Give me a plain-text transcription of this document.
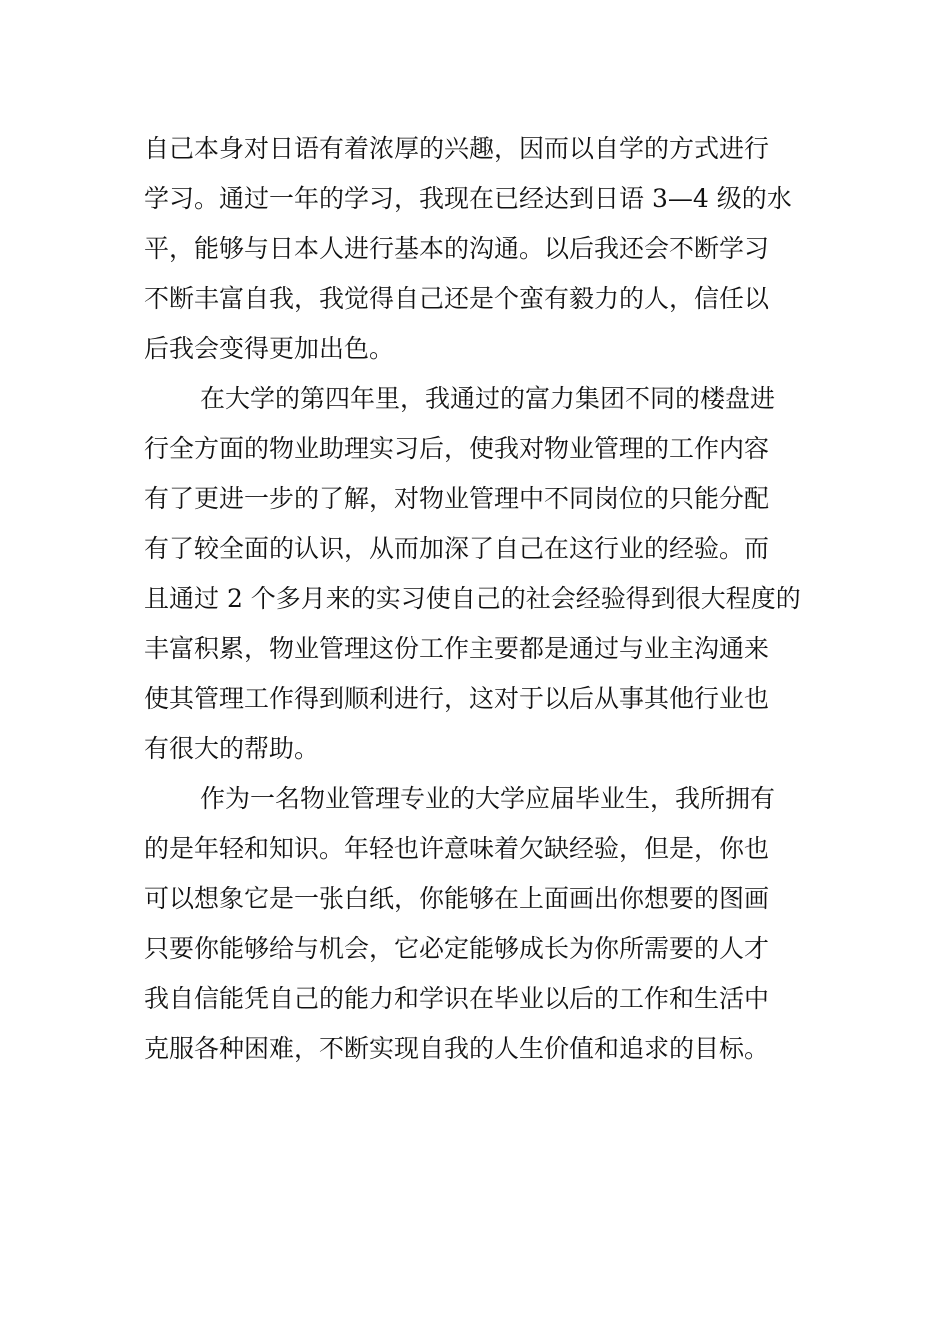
自己本身对日语有着浓厚的兴趣，因而以自学的方式进行
学习。通过一年的学习，我现在已经达到日语 3—4 级的水
平，能够与日本人进行基本的沟通。以后我还会不断学习
不断丰富自我，我觉得自己还是个蛮有毅力的人，信任以
后我会变得更加出色。
在大学的第四年里，我通过的富力集团不同的楼盘进
行全方面的物业助理实习后，使我对物业管理的工作内容
有了更进一步的了解，对物业管理中不同岗位的只能分配
有了较全面的认识，从而加深了自己在这行业的经验。而
且通过 2 个多月来的实习使自己的社会经验得到很大程度的
丰富积累，物业管理这份工作主要都是通过与业主沟通来
使其管理工作得到顺利进行，这对于以后从事其他行业也
有很大的帮助。
作为一名物业管理专业的大学应届毕业生，我所拥有
的是年轻和知识。年轻也许意味着欠缺经验，但是，你也
可以想象它是一张白纸，你能够在上面画出你想要的图画
只要你能够给与机会，它必定能够成长为你所需要的人才
我自信能凭自己的能力和学识在毕业以后的工作和生活中
克服各种困难，不断实现自我的人生价值和追求的目标。
